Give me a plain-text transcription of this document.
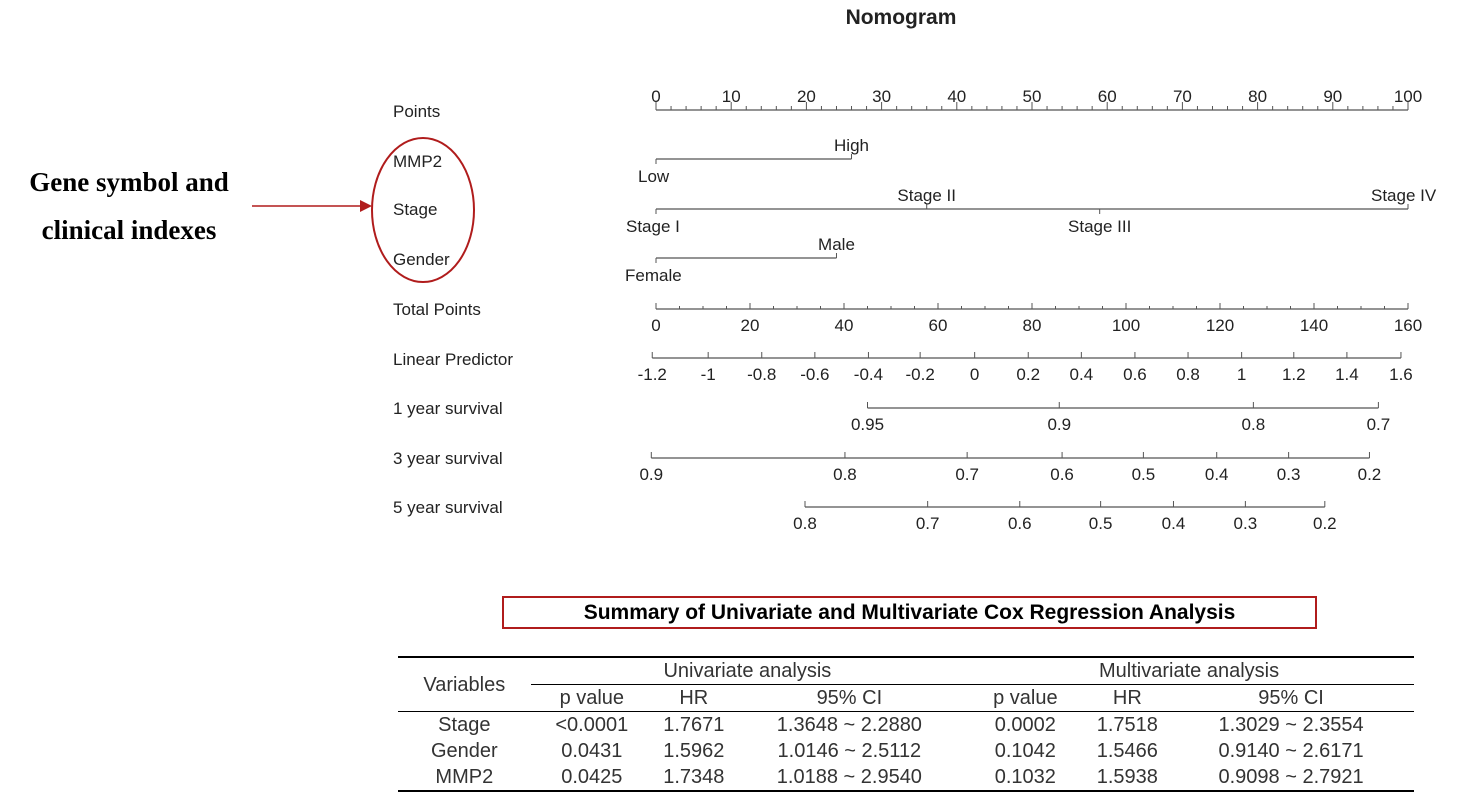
Nomogram
Points
0	10	20	30	40	50	60	70	80	90	100
MMP2
Low
High
Stage
Stage I
Stage II
Stage III
Stage IV
Gender
Female
Male
Total Points
0	20	40	60	80	100	120	140	160
Linear Predictor
-1.2 -1 -0.8 -0.6 -0.4 -0.2 0 0.2 0.4 0.6 0.8 1 1.2 1.4 1.6
1 year survival
0.95	0.9	0.8	0.7
3 year survival
0.9	0.8	0.7	0.6	0.5	0.4	0.3	0.2
5 year survival
0.8	0.7	0.6	0.5	0.4	0.3	0.2
Gene symbol and
clinical indexes
Summary of Univariate and Multivariate Cox Regression Analysis
Variables	Univariate analysis			Multivariate analysis		
	p value	HR	95% CI	p value	HR	95% CI
Stage	<0.0001	1.7671	1.3648 ~ 2.2880	0.0002	1.7518	1.3029 ~ 2.3554
Gender	0.0431	1.5962	1.0146 ~ 2.5112	0.1042	1.5466	0.9140 ~ 2.6171
MMP2	0.0425	1.7348	1.0188 ~ 2.9540	0.1032	1.5938	0.9098 ~ 2.7921
